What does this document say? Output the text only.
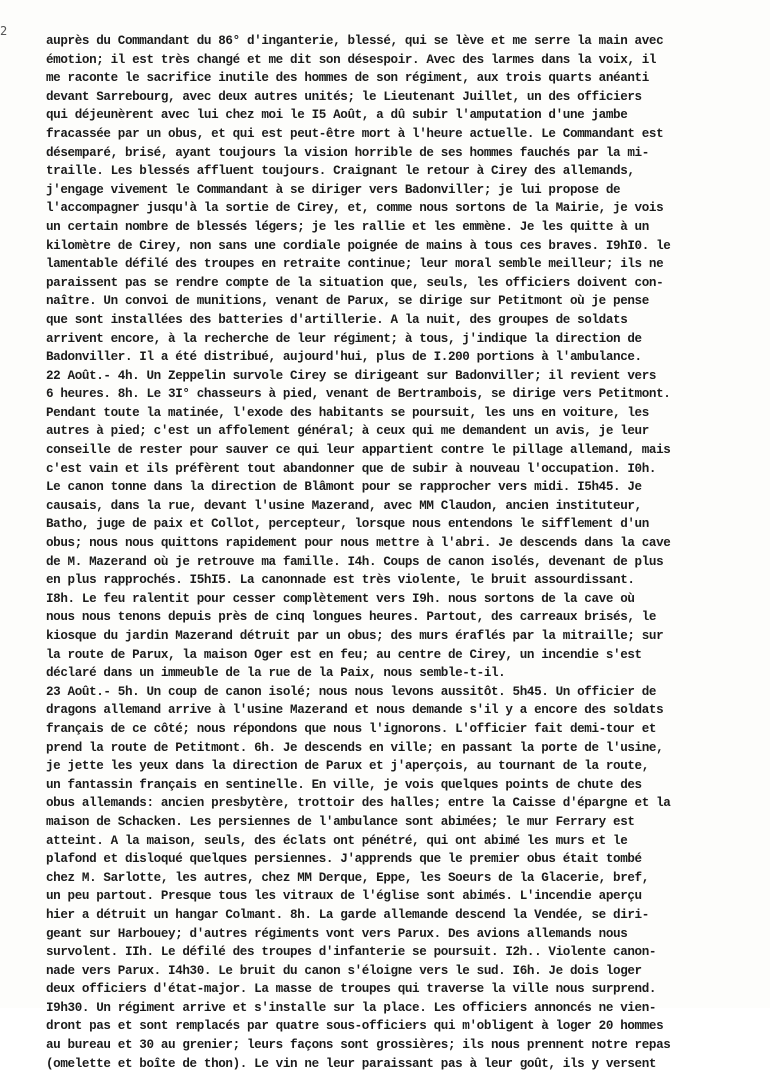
2
auprès du Commandant du 86° d'inganterie, blessé, qui se lève et me serre la main avec
émotion; il est très changé et me dit son désespoir. Avec des larmes dans la voix, il
me raconte le sacrifice inutile des hommes de son régiment, aux trois quarts anéanti
devant Sarrebourg, avec deux autres unités; le Lieutenant Juillet, un des officiers
qui déjeunèrent avec lui chez moi le I5 Août, a dû subir l'amputation d'une jambe
fracassée par un obus, et qui est peut-être mort à l'heure actuelle. Le Commandant est
désemparé, brisé, ayant toujours la vision horrible de ses hommes fauchés par la mi-
traille. Les blessés affluent toujours. Craignant le retour à Cirey des allemands,
j'engage vivement le Commandant à se diriger vers Badonviller; je lui propose de
l'accompagner jusqu'à la sortie de Cirey, et, comme nous sortons de la Mairie, je vois
un certain nombre de blessés légers; je les rallie et les emmène. Je les quitte à un
kilomètre de Cirey, non sans une cordiale poignée de mains à tous ces braves. I9hI0. le
lamentable défilé des troupes en retraite continue; leur moral semble meilleur; ils ne
paraissent pas se rendre compte de la situation que, seuls, les officiers doivent con-
naître. Un convoi de munitions, venant de Parux, se dirige sur Petitmont où je pense
que sont installées des batteries d'artillerie. A la nuit, des groupes de soldats
arrivent encore, à la recherche de leur régiment; à tous, j'indique la direction de
Badonviller. Il a été distribué, aujourd'hui, plus de I.200 portions à l'ambulance.
22 Août.- 4h. Un Zeppelin survole Cirey se dirigeant sur Badonviller; il revient vers
6 heures. 8h. Le 3I° chasseurs à pied, venant de Bertrambois, se dirige vers Petitmont.
Pendant toute la matinée, l'exode des habitants se poursuit, les uns en voiture, les
autres à pied; c'est un affolement général; à ceux qui me demandent un avis, je leur
conseille de rester pour sauver ce qui leur appartient contre le pillage allemand, mais
c'est vain et ils préfèrent tout abandonner que de subir à nouveau l'occupation. I0h.
Le canon tonne dans la direction de Blâmont pour se rapprocher vers midi. I5h45. Je
causais, dans la rue, devant l'usine Mazerand, avec MM Claudon, ancien instituteur,
Batho, juge de paix et Collot, percepteur, lorsque nous entendons le sifflement d'un
obus; nous nous quittons rapidement pour nous mettre à l'abri. Je descends dans la cave
de M. Mazerand où je retrouve ma famille. I4h. Coups de canon isolés, devenant de plus
en plus rapprochés. I5hI5. La canonnade est très violente, le bruit assourdissant.
I8h. Le feu ralentit pour cesser complètement vers I9h. nous sortons de la cave où
nous nous tenons depuis près de cinq longues heures. Partout, des carreaux brisés, le
kiosque du jardin Mazerand détruit par un obus; des murs éraflés par la mitraille; sur
la route de Parux, la maison Oger est en feu; au centre de Cirey, un incendie s'est
déclaré dans un immeuble de la rue de la Paix, nous semble-t-il.
23 Août.- 5h. Un coup de canon isolé; nous nous levons aussitôt. 5h45. Un officier de
dragons allemand arrive à l'usine Mazerand et nous demande s'il y a encore des soldats
français de ce côté; nous répondons que nous l'ignorons. L'officier fait demi-tour et
prend la route de Petitmont. 6h. Je descends en ville; en passant la porte de l'usine,
je jette les yeux dans la direction de Parux et j'aperçois, au tournant de la route,
un fantassin français en sentinelle. En ville, je vois quelques points de chute des
obus allemands: ancien presbytère, trottoir des halles; entre la Caisse d'épargne et la
maison de Schacken. Les persiennes de l'ambulance sont abimées; le mur Ferrary est
atteint. A la maison, seuls, des éclats ont pénétré, qui ont abimé les murs et le
plafond et disloqué quelques persiennes. J'apprends que le premier obus était tombé
chez M. Sarlotte, les autres, chez MM Derque, Eppe, les Soeurs de la Glacerie, bref,
un peu partout. Presque tous les vitraux de l'église sont abimés. L'incendie aperçu
hier a détruit un hangar Colmant. 8h. La garde allemande descend la Vendée, se diri-
geant sur Harbouey; d'autres régiments vont vers Parux. Des avions allemands nous
survolent. IIh. Le défilé des troupes d'infanterie se poursuit. I2h.. Violente canon-
nade vers Parux. I4h30. Le bruit du canon s'éloigne vers le sud. I6h. Je dois loger
deux officiers d'état-major. La masse de troupes qui traverse la ville nous surprend.
I9h30. Un régiment arrive et s'installe sur la place. Les officiers annoncés ne vien-
dront pas et sont remplacés par quatre sous-officiers qui m'obligent à loger 20 hommes
au bureau et 30 au grenier; leurs façons sont grossières; ils nous prennent notre repas
(omelette et boîte de thon). Le vin ne leur paraissant pas à leur goût, ils y versent
